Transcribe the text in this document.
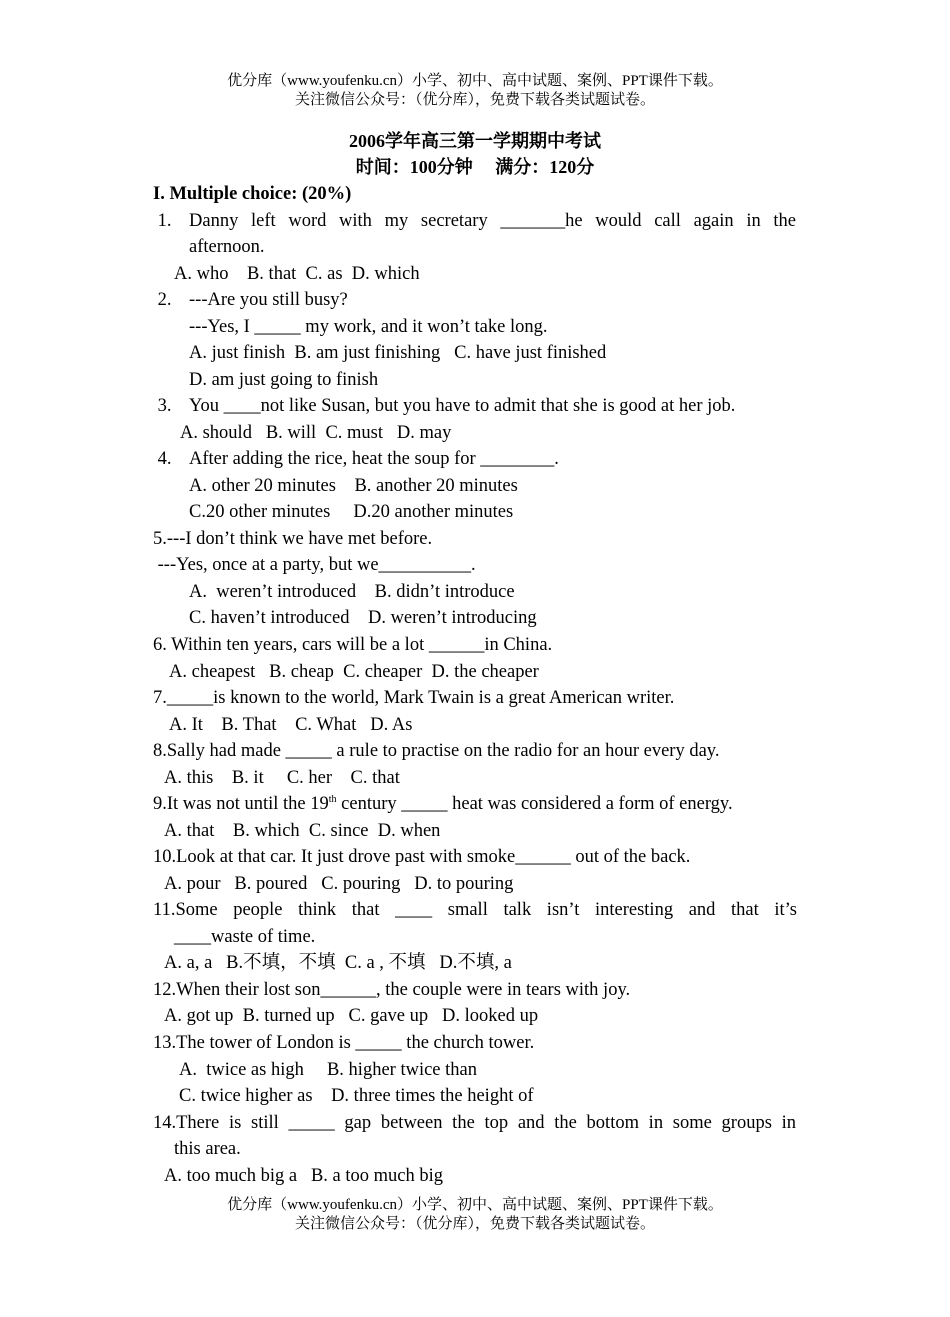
优分库（www.youfenku.cn）小学、初中、高中试题、案例、PPT课件下载。
关注微信公众号：（优分库），免费下载各类试题试卷。
2006学年高三第一学期期中考试
时间：100分钟　 满分：120分
I. Multiple choice: (20%)
1. Danny left word with my secretary _______he would call again in the
afternoon.
A. who    B. that  C. as  D. which
2. ---Are you still busy?
---Yes, I _____ my work, and it won’t take long.
A. just finish  B. am just finishing   C. have just finished
D. am just going to finish
3. You ____not like Susan, but you have to admit that she is good at her job.
A. should   B. will  C. must   D. may
4. After adding the rice, heat the soup for ________.
A. other 20 minutes    B. another 20 minutes
C.20 other minutes     D.20 another minutes
5.---I don’t think we have met before.
---Yes, once at a party, but we__________.
A.  weren’t introduced    B. didn’t introduce
C. haven’t introduced    D. weren’t introducing
6. Within ten years, cars will be a lot ______in China.
A. cheapest   B. cheap  C. cheaper  D. the cheaper
7._____is known to the world, Mark Twain is a great American writer.
A. It    B. That    C. What   D. As
8.Sally had made _____ a rule to practise on the radio for an hour every day.
A. this    B. it     C. her    C. that
9.It was not until the 19th century _____ heat was considered a form of energy.
A. that    B. which  C. since  D. when
10.Look at that car. It just drove past with smoke______ out of the back.
A. pour   B. poured   C. pouring   D. to pouring
11.Some people think that ____ small talk isn’t interesting and that it’s
____waste of time.
A. a, a   B.不填，不填  C. a , 不填   D.不填, a
12.When their lost son______, the couple were in tears with joy.
A. got up  B. turned up   C. gave up   D. looked up
13.The tower of London is _____ the church tower.
A.  twice as high     B. higher twice than
C. twice higher as    D. three times the height of
14.There is still _____ gap between the top and the bottom in some groups in
this area.
A. too much big a   B. a too much big
优分库（www.youfenku.cn）小学、初中、高中试题、案例、PPT课件下载。
关注微信公众号：（优分库），免费下载各类试题试卷。
